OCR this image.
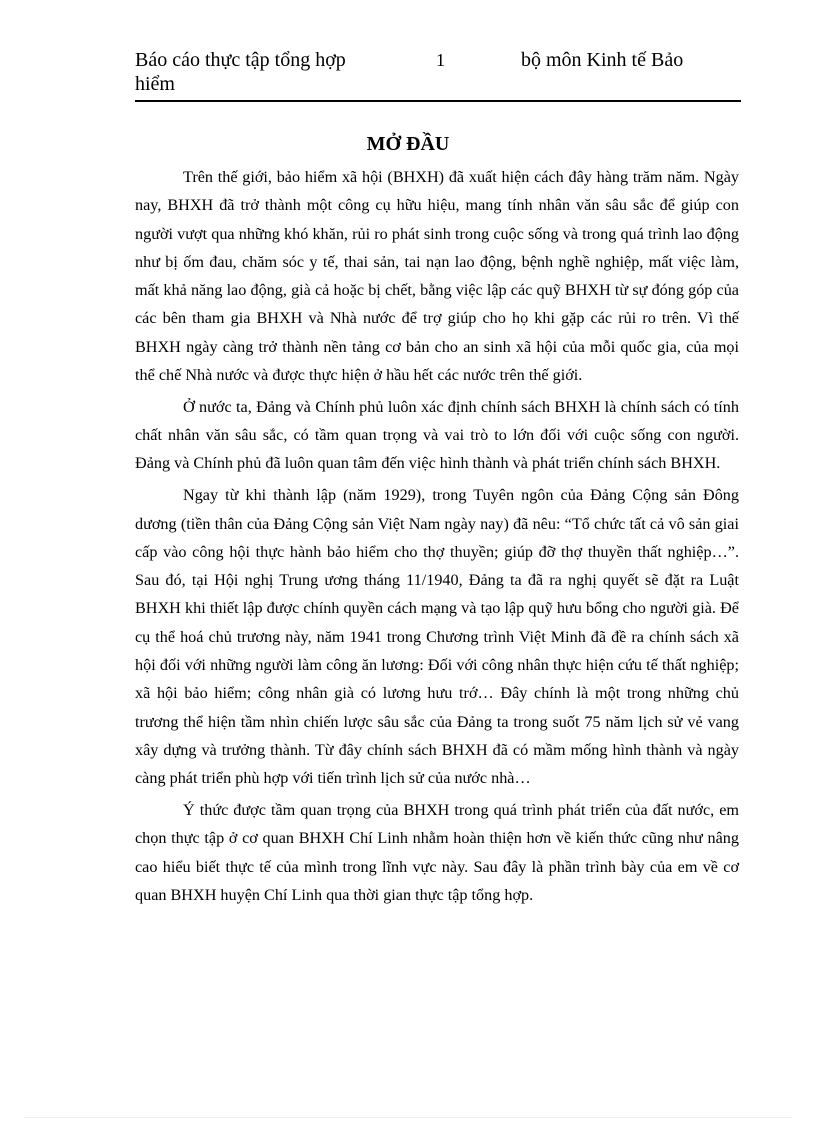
Báo cáo thực tập tổng hợp hiểm
1	bộ môn Kinh tế Bảo
MỞ ĐẦU

Trên thế giới, bảo hiểm xã hội (BHXH) đã xuất hiện cách đây hàng trăm năm. Ngày nay, BHXH đã trở thành một công cụ hữu hiệu, mang tính nhân văn sâu sắc để giúp con người vượt qua những khó khăn, rủi ro phát sinh trong cuộc sống và trong quá trình lao động như bị ốm đau, chăm sóc y tế, thai sản, tai nạn lao động, bệnh nghề nghiệp, mất việc làm, mất khả năng lao động, già cả hoặc bị chết, bằng việc lập các quỹ BHXH từ sự đóng góp của các bên tham gia BHXH và Nhà nước để trợ giúp cho họ khi gặp các rủi ro trên. Vì thế BHXH ngày càng trở thành nền tảng cơ bản cho an sinh xã hội của mỗi quốc gia, của mọi thể chế Nhà nước và được thực hiện ở hầu hết các nước trên thế giới.

Ở nước ta, Đảng và Chính phủ luôn xác định chính sách BHXH là chính sách có tính chất nhân văn sâu sắc, có tầm quan trọng và vai trò to lớn đối với cuộc sống con người. Đảng và Chính phủ đã luôn quan tâm đến việc hình thành và phát triển chính sách BHXH.

Ngay từ khi thành lập (năm 1929), trong Tuyên ngôn của Đảng Cộng sản Đông dương (tiền thân của Đảng Cộng sản Việt Nam ngày nay) đã nêu: “Tổ chức tất cả vô sản giai cấp vào công hội thực hành bảo hiểm cho thợ thuyền; giúp đỡ thợ thuyền thất nghiệp…”. Sau đó, tại Hội nghị Trung ương tháng 11/1940, Đảng ta đã ra nghị quyết sẽ đặt ra Luật BHXH khi thiết lập được chính quyền cách mạng và tạo lập quỹ hưu bổng cho người già. Để cụ thể hoá chủ trương này, năm 1941 trong Chương trình Việt Minh đã đề ra chính sách xã hội đối với những người làm công ăn lương: Đối với công nhân thực hiện cứu tế thất nghiệp; xã hội bảo hiểm; công nhân già có lương hưu trớ… Đây chính là một trong những chủ trương thể hiện tầm nhìn chiến lược sâu sắc của Đảng ta trong suốt 75 năm lịch sử vẻ vang xây dựng và trưởng thành. Từ đây chính sách BHXH đã có mầm mống hình thành và ngày càng phát triển phù hợp với tiến trình lịch sử của nước nhà…

Ý thức được tầm quan trọng của BHXH trong quá trình phát triển của đất nước, em chọn thực tập ở cơ quan BHXH Chí Linh nhằm hoàn thiện hơn về kiến thức cũng như nâng cao hiểu biết thực tế của mình trong lĩnh vực này. Sau đây là phần trình bày của em về cơ quan BHXH huyện Chí Linh qua thời gian thực tập tổng hợp.
